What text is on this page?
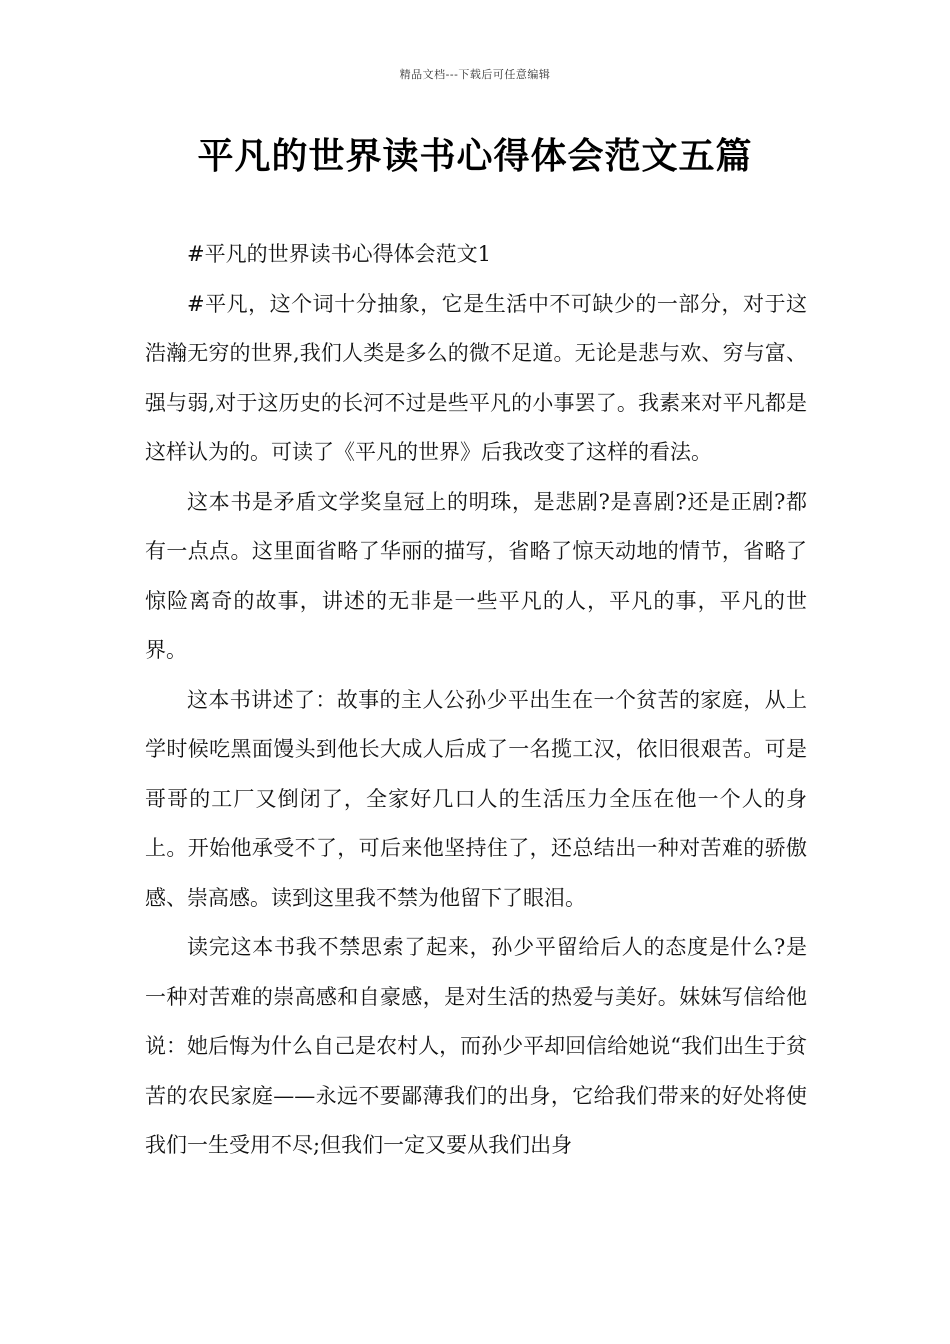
精品文档---下载后可任意编辑
平凡的世界读书心得体会范文五篇

#平凡的世界读书心得体会范文1

#平凡，这个词十分抽象，它是生活中不可缺少的一部分，对于这浩瀚无穷的世界,我们人类是多么的微不足道。无论是悲与欢、穷与富、强与弱,对于这历史的长河不过是些平凡的小事罢了。我素来对平凡都是这样认为的。可读了《平凡的世界》后我改变了这样的看法。

这本书是矛盾文学奖皇冠上的明珠，是悲剧?是喜剧?还是正剧?都有一点点。这里面省略了华丽的描写，省略了惊天动地的情节，省略了惊险离奇的故事，讲述的无非是一些平凡的人，平凡的事，平凡的世界。

这本书讲述了：故事的主人公孙少平出生在一个贫苦的家庭，从上学时候吃黑面馒头到他长大成人后成了一名揽工汉，依旧很艰苦。可是哥哥的工厂又倒闭了，全家好几口人的生活压力全压在他一个人的身上。开始他承受不了，可后来他坚持住了，还总结出一种对苦难的骄傲感、崇高感。读到这里我不禁为他留下了眼泪。

读完这本书我不禁思索了起来，孙少平留给后人的态度是什么?是一种对苦难的崇高感和自豪感，是对生活的热爱与美好。妹妹写信给他说：她后悔为什么自己是农村人，而孙少平却回信给她说“我们出生于贫苦的农民家庭——永远不要鄙薄我们的出身，它给我们带来的好处将使我们一生受用不尽;但我们一定又要从我们出身
